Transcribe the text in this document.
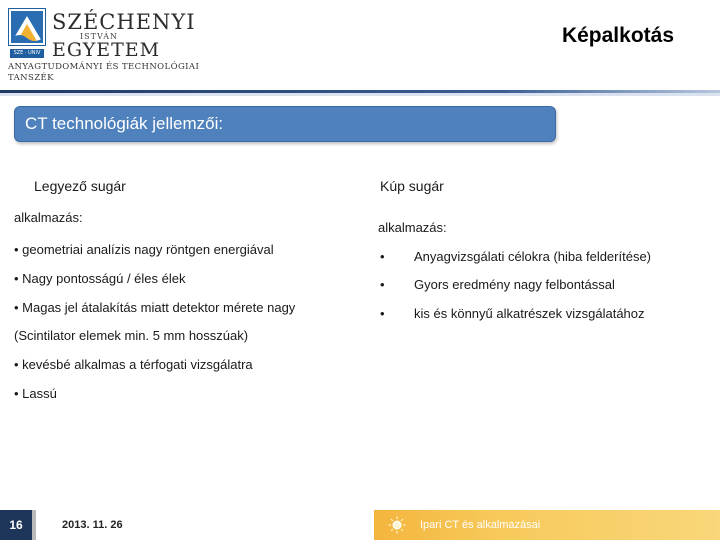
SZÉCHENYI
ISTVÁN
EGYETEM
SZE · UNIV
ANYAGTUDOMÁNYI ÉS TECHNOLÓGIAI
TANSZÉK
Képalkotás
CT technológiák jellemzői:
Legyező sugár
alkalmazás:
• geometriai analízis nagy röntgen energiával
• Nagy pontosságú / éles élek
• Magas jel átalakítás miatt detektor mérete nagy
(Scintilator elemek min. 5 mm hosszúak)
• kevésbé alkalmas a térfogati vizsgálatra
• Lassú
Kúp sugár
alkalmazás:
• Anyagvizsgálati célokra (hiba felderítése)
• Gyors eredmény nagy felbontással
• kis és könnyű alkatrészek vizsgálatához
16	2013. 11. 26	Ipari CT és alkalmazásai
